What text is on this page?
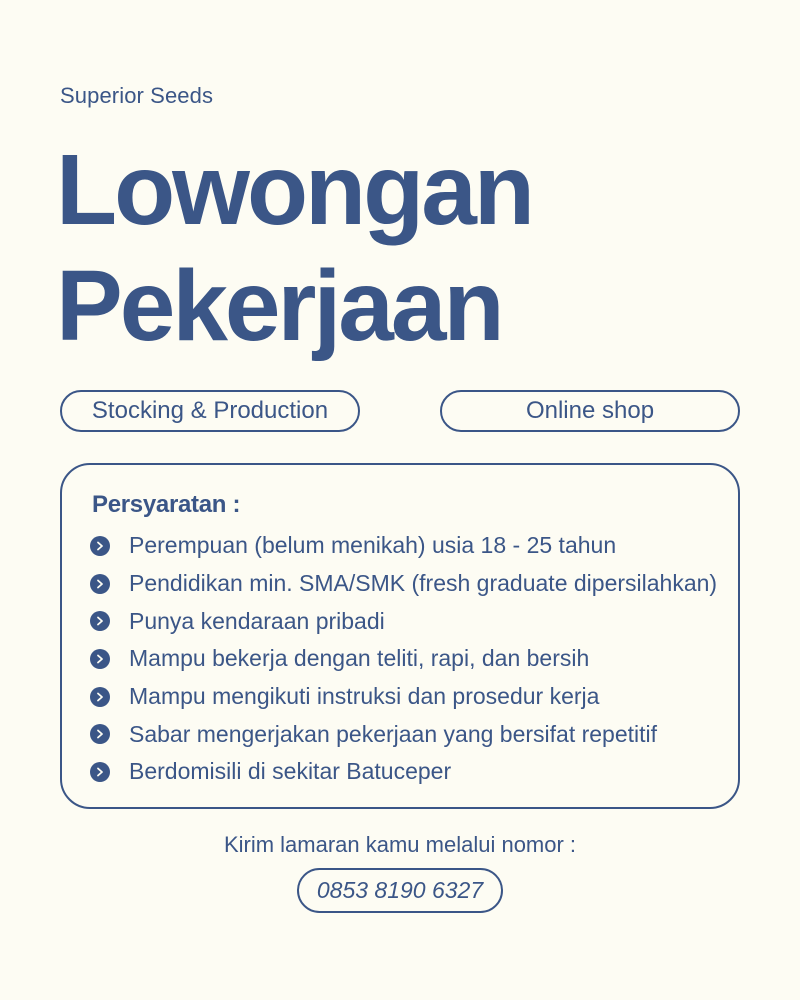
Superior Seeds
Lowongan
Pekerjaan
Stocking & Production	Online shop
Persyaratan :
Perempuan (belum menikah) usia 18 - 25 tahun
Pendidikan min. SMA/SMK (fresh graduate dipersilahkan)
Punya kendaraan pribadi
Mampu bekerja dengan teliti, rapi, dan bersih
Mampu mengikuti instruksi dan prosedur kerja
Sabar mengerjakan pekerjaan yang bersifat repetitif
Berdomisili di sekitar Batuceper
Kirim lamaran kamu melalui nomor :
0853 8190 6327
